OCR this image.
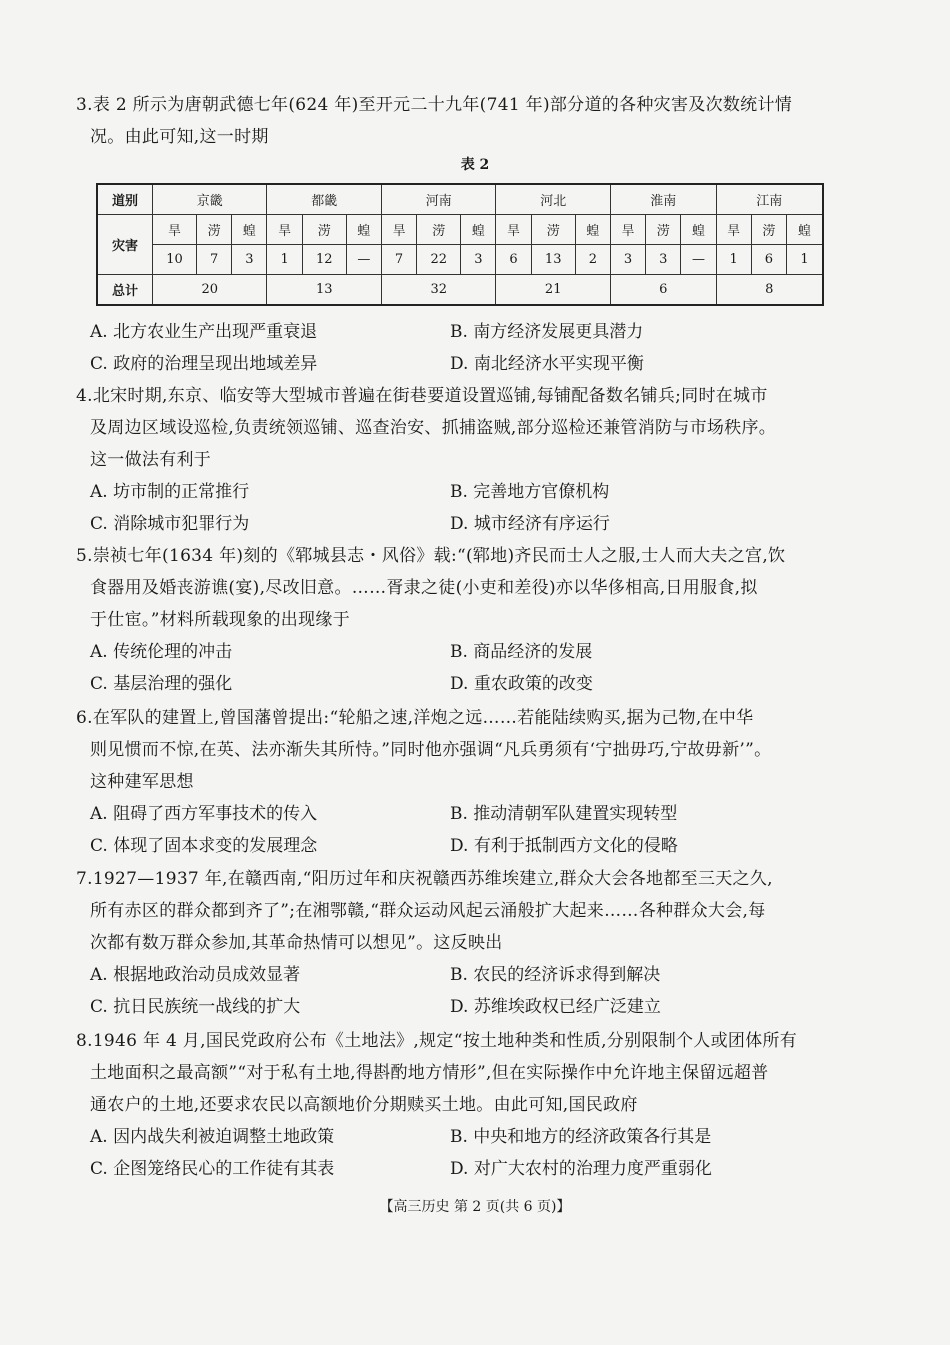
3.表 2 所示为唐朝武德七年(624 年)至开元二十九年(741 年)部分道的各种灾害及次数统计情
况。由此可知,这一时期
表 2
道别	京畿			都畿			河南			河北			淮南			江南		
灾害	旱	涝	蝗	旱	涝	蝗	旱	涝	蝗	旱	涝	蝗	旱	涝	蝗	旱	涝	蝗
	10	7	3	1	12	—	7	22	3	6	13	2	3	3	—	1	6	1
总计	20			13			32			21			6			8		
A. 北方农业生产出现严重衰退	B. 南方经济发展更具潜力
C. 政府的治理呈现出地域差异	D. 南北经济水平实现平衡
4.北宋时期,东京、临安等大型城市普遍在街巷要道设置巡铺,每铺配备数名铺兵;同时在城市
及周边区域设巡检,负责统领巡铺、巡查治安、抓捕盗贼,部分巡检还兼管消防与市场秩序。
这一做法有利于
A. 坊市制的正常推行	B. 完善地方官僚机构
C. 消除城市犯罪行为	D. 城市经济有序运行
5.崇祯七年(1634 年)刻的《郓城县志・风俗》载:“(郓地)齐民而士人之服,士人而大夫之宫,饮
食器用及婚丧游谯(宴),尽改旧意。……胥隶之徒(小吏和差役)亦以华侈相高,日用服食,拟
于仕宦。”材料所载现象的出现缘于
A. 传统伦理的冲击	B. 商品经济的发展
C. 基层治理的强化	D. 重农政策的改变
6.在军队的建置上,曾国藩曾提出:“轮船之速,洋炮之远……若能陆续购买,据为己物,在中华
则见惯而不惊,在英、法亦渐失其所恃。”同时他亦强调“凡兵勇须有‘宁拙毋巧,宁故毋新’”。
这种建军思想
A. 阻碍了西方军事技术的传入	B. 推动清朝军队建置实现转型
C. 体现了固本求变的发展理念	D. 有利于抵制西方文化的侵略
7.1927—1937 年,在赣西南,“阳历过年和庆祝赣西苏维埃建立,群众大会各地都至三天之久,
所有赤区的群众都到齐了”;在湘鄂赣,“群众运动风起云涌般扩大起来……各种群众大会,每
次都有数万群众参加,其革命热情可以想见”。这反映出
A. 根据地政治动员成效显著	B. 农民的经济诉求得到解决
C. 抗日民族统一战线的扩大	D. 苏维埃政权已经广泛建立
8.1946 年 4 月,国民党政府公布《土地法》,规定“按土地种类和性质,分别限制个人或团体所有
土地面积之最高额”“对于私有土地,得斟酌地方情形”,但在实际操作中允许地主保留远超普
通农户的土地,还要求农民以高额地价分期赎买土地。由此可知,国民政府
A. 因内战失利被迫调整土地政策	B. 中央和地方的经济政策各行其是
C. 企图笼络民心的工作徒有其表	D. 对广大农村的治理力度严重弱化
【高三历史 第 2 页(共 6 页)】
